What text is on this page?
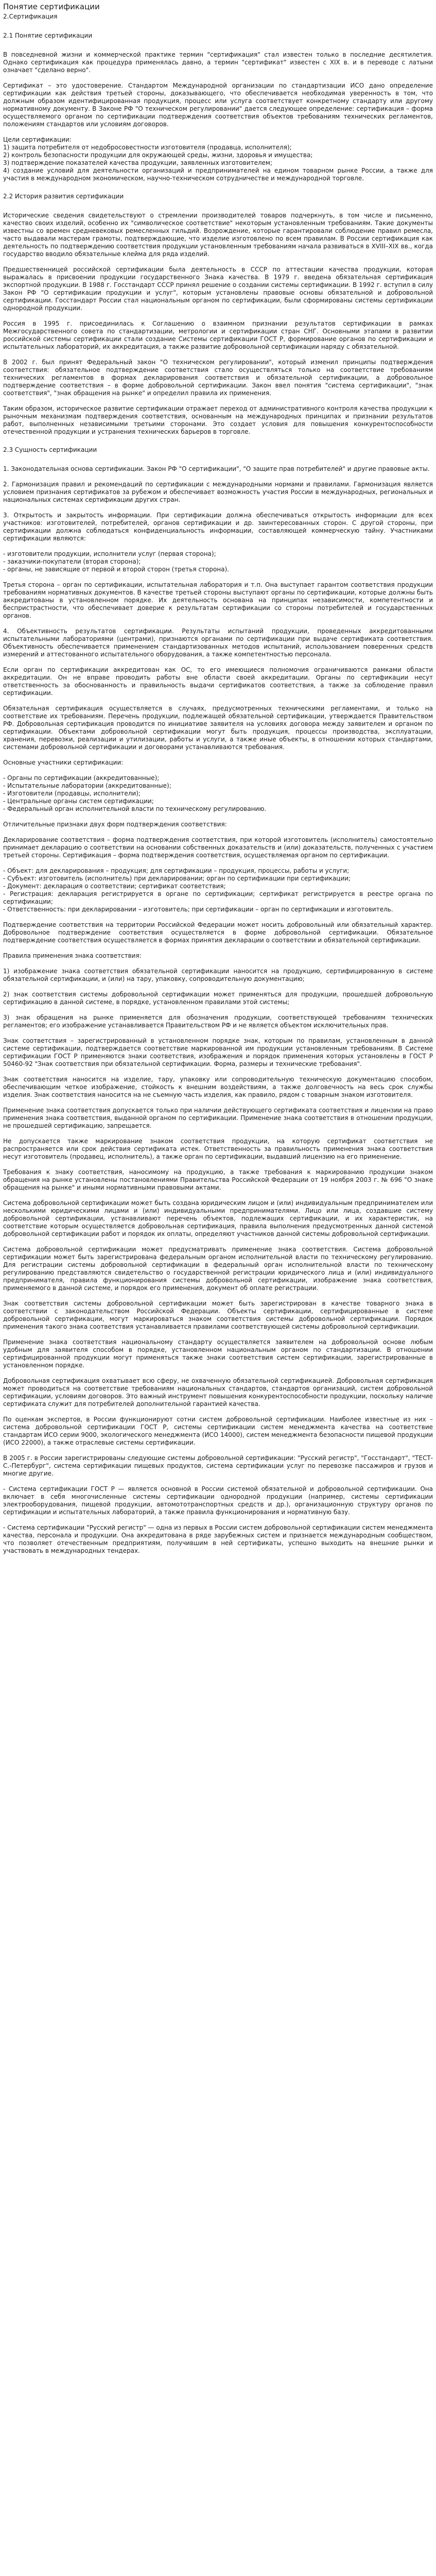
Понятие сертификации
2.Сертификация
2.1 Понятие сертификации

В повседневной жизни и коммерческой практике термин "сертификация" стал известен только в последние десятилетия. Однако сертификация как процедура применялась давно, а термин "сертификат" известен с XIX в. и в переводе с латыни означает "сделано верно".

Сертификат – это удостоверение. Стандартом Международной организации по стандартизации ИСО дано определение сертификации как действия третьей стороны, доказывающего, что обеспечивается необходимая уверенность в том, что должным образом идентифицированная продукция, процесс или услуга соответствует конкретному стандарту или другому нормативному документу. В Законе РФ "О техническом регулировании" дается следующее определение: сертификация – форма осуществляемого органом по сертификации подтверждения соответствия объектов требованиям технических регламентов, положениям стандартов или условиям договоров.

Цели сертификации:
1) защита потребителя от недобросовестности изготовителя (продавца, исполнителя);
2) контроль безопасности продукции для окружающей среды, жизни, здоровья и имущества;
3) подтверждение показателей качества продукции, заявленных изготовителем;
4) создание условий для деятельности организаций и предпринимателей на едином товарном рынке России, а также для участия в международном экономическом, научно-техническом сотрудничестве и международной торговле.
2.2 История развития сертификации

Исторические сведения свидетельствуют о стремлении производителей товаров подчеркнуть, в том числе и письменно, качество своих изделий, особенно их "символическое соответствие" некоторым установленным требованиям. Такие документы известны со времен средневековых ремесленных гильдий. Возрождение, которые гарантировали соблюдение правил ремесла, часто выдавали мастерам грамоты, подтверждающие, что изделие изготовлено по всем правилам. В России сертификация как деятельность по подтверждению соответствия продукции установленным требованиям начала развиваться в XVIII–XIX вв., когда государство вводило обязательные клейма для ряда изделий.

Предшественницей российской сертификации была деятельность в СССР по аттестации качества продукции, которая выражалась в присвоении продукции государственного Знака качества. В 1979 г. введена обязательная сертификация экспортной продукции. В 1988 г. Госстандарт СССР принял решение о создании системы сертификации. В 1992 г. вступил в силу Закон РФ "О сертификации продукции и услуг", которым установлены правовые основы обязательной и добровольной сертификации. Госстандарт России стал национальным органом по сертификации, были сформированы системы сертификации однородной продукции.

Россия в 1995 г. присоединилась к Соглашению о взаимном признании результатов сертификации в рамках Межгосударственного совета по стандартизации, метрологии и сертификации стран СНГ. Основными этапами в развитии российской системы сертификации стали создание Системы сертификации ГОСТ Р, формирование органов по сертификации и испытательных лабораторий, их аккредитация, а также развитие добровольной сертификации наряду с обязательной.

В 2002 г. был принят Федеральный закон "О техническом регулировании", который изменил принципы подтверждения соответствия: обязательное подтверждение соответствия стало осуществляться только на соответствие требованиям технических регламентов в формах декларирования соответствия и обязательной сертификации, а добровольное подтверждение соответствия – в форме добровольной сертификации. Закон ввел понятия "система сертификации", "знак соответствия", "знак обращения на рынке" и определил правила их применения.

Таким образом, историческое развитие сертификации отражает переход от административного контроля качества продукции к рыночным механизмам подтверждения соответствия, основанным на международных принципах и признании результатов работ, выполненных независимыми третьими сторонами. Это создает условия для повышения конкурентоспособности отечественной продукции и устранения технических барьеров в торговле.

2.3 Сущность сертификации

1. Законодательная основа сертификации. Закон РФ "О сертификации", "О защите прав потребителей" и другие правовые акты.

2. Гармонизация правил и рекомендаций по сертификации с международными нормами и правилами. Гармонизация является условием признания сертификатов за рубежом и обеспечивает возможность участия России в международных, региональных и национальных системах сертификации других стран.

3. Открытость и закрытость информации. При сертификации должна обеспечиваться открытость информации для всех участников: изготовителей, потребителей, органов сертификации и др. заинтересованных сторон. С другой стороны, при сертификации должна соблюдаться конфиденциальность информации, составляющей коммерческую тайну. Участниками сертификации являются:

- изготовители продукции, исполнители услуг (первая сторона);
- заказчики-покупатели (вторая сторона);
- органы, не зависящие от первой и второй сторон (третья сторона).

Третья сторона – орган по сертификации, испытательная лаборатория и т.п. Она выступает гарантом соответствия продукции требованиям нормативных документов. В качестве третьей стороны выступают органы по сертификации, которые должны быть аккредитованы в установленном порядке. Их деятельность основана на принципах независимости, компетентности и беспристрастности, что обеспечивает доверие к результатам сертификации со стороны потребителей и государственных органов.

4. Объективность результатов сертификации. Результаты испытаний продукции, проведенных аккредитованными испытательными лабораториями (центрами), признаются органами по сертификации при выдаче сертификата соответствия. Объективность обеспечивается применением стандартизованных методов испытаний, использованием поверенных средств измерений и аттестованного испытательного оборудования, а также компетентностью персонала.

Если орган по сертификации аккредитован как ОС, то его имеющиеся полномочия ограничиваются рамками области аккредитации. Он не вправе проводить работы вне области своей аккредитации. Органы по сертификации несут ответственность за обоснованность и правильность выдачи сертификатов соответствия, а также за соблюдение правил сертификации.

Обязательная сертификация осуществляется в случаях, предусмотренных техническими регламентами, и только на соответствие их требованиям. Перечень продукции, подлежащей обязательной сертификации, утверждается Правительством РФ. Добровольная сертификация проводится по инициативе заявителя на условиях договора между заявителем и органом по сертификации. Объектами добровольной сертификации могут быть продукция, процессы производства, эксплуатации, хранения, перевозки, реализации и утилизации, работы и услуги, а также иные объекты, в отношении которых стандартами, системами добровольной сертификации и договорами устанавливаются требования.

Основные участники сертификации:

- Органы по сертификации (аккредитованные);
- Испытательные лаборатории (аккредитованные);
- Изготовители (продавцы, исполнители);
- Центральные органы систем сертификации;
- Федеральный орган исполнительной власти по техническому регулированию.

Отличительные признаки двух форм подтверждения соответствия:

Декларирование соответствия – форма подтверждения соответствия, при которой изготовитель (исполнитель) самостоятельно принимает декларацию о соответствии на основании собственных доказательств и (или) доказательств, полученных с участием третьей стороны. Сертификация – форма подтверждения соответствия, осуществляемая органом по сертификации.

- Объект: для декларирования – продукция; для сертификации – продукция, процессы, работы и услуги;
- Субъект: изготовитель (исполнитель) при декларировании; орган по сертификации при сертификации;
- Документ: декларация о соответствии; сертификат соответствия;
- Регистрация: декларация регистрируется в органе по сертификации; сертификат регистрируется в реестре органа по сертификации;
- Ответственность: при декларировании – изготовитель; при сертификации – орган по сертификации и изготовитель.

Подтверждение соответствия на территории Российской Федерации может носить добровольный или обязательный характер. Добровольное подтверждение соответствия осуществляется в форме добровольной сертификации. Обязательное подтверждение соответствия осуществляется в формах принятия декларации о соответствии и обязательной сертификации.

Правила применения знака соответствия:

1) изображение знака соответствия обязательной сертификации наносится на продукцию, сертифицированную в системе обязательной сертификации, и (или) на тару, упаковку, сопроводительную документацию;

2) знак соответствия системы добровольной сертификации может применяться для продукции, прошедшей добровольную сертификацию в данной системе, в порядке, установленном правилами этой системы;

3) знак обращения на рынке применяется для обозначения продукции, соответствующей требованиям технических регламентов; его изображение устанавливается Правительством РФ и не является объектом исключительных прав.

Знак соответствия – зарегистрированный в установленном порядке знак, которым по правилам, установленным в данной системе сертификации, подтверждается соответствие маркированной им продукции установленным требованиям. В Системе сертификации ГОСТ Р применяются знаки соответствия, изображения и порядок применения которых установлены в ГОСТ Р 50460-92 "Знак соответствия при обязательной сертификации. Форма, размеры и технические требования".

Знак соответствия наносится на изделие, тару, упаковку или сопроводительную техническую документацию способом, обеспечивающим четкое изображение, стойкость к внешним воздействиям, а также долговечность на весь срок службы изделия. Знак соответствия наносится на не съемную часть изделия, как правило, рядом с товарным знаком изготовителя.

Применение знака соответствия допускается только при наличии действующего сертификата соответствия и лицензии на право применения знака соответствия, выданной органом по сертификации. Применение знака соответствия в отношении продукции, не прошедшей сертификацию, запрещается.

Не допускается также маркирование знаком соответствия продукции, на которую сертификат соответствия не распространяется или срок действия сертификата истек. Ответственность за правильность применения знака соответствия несут изготовитель (продавец, исполнитель), а также орган по сертификации, выдавший лицензию на его применение.

Требования к знаку соответствия, наносимому на продукцию, а также требования к маркированию продукции знаком обращения на рынке установлены постановлениями Правительства Российской Федерации от 19 ноября 2003 г. № 696 "О знаке обращения на рынке" и иными нормативными правовыми актами.

Система добровольной сертификации может быть создана юридическим лицом и (или) индивидуальным предпринимателем или несколькими юридическими лицами и (или) индивидуальными предпринимателями. Лицо или лица, создавшие систему добровольной сертификации, устанавливают перечень объектов, подлежащих сертификации, и их характеристик, на соответствие которым осуществляется добровольная сертификация, правила выполнения предусмотренных данной системой добровольной сертификации работ и порядок их оплаты, определяют участников данной системы добровольной сертификации.

Система добровольной сертификации может предусматривать применение знака соответствия. Система добровольной сертификации может быть зарегистрирована федеральным органом исполнительной власти по техническому регулированию. Для регистрации системы добровольной сертификации в федеральный орган исполнительной власти по техническому регулированию представляются свидетельство о государственной регистрации юридического лица и (или) индивидуального предпринимателя, правила функционирования системы добровольной сертификации, изображение знака соответствия, применяемого в данной системе, и порядок его применения, документ об оплате регистрации.

Знак соответствия системы добровольной сертификации может быть зарегистрирован в качестве товарного знака в соответствии с законодательством Российской Федерации. Объекты сертификации, сертифицированные в системе добровольной сертификации, могут маркироваться знаком соответствия системы добровольной сертификации. Порядок применения такого знака соответствия устанавливается правилами соответствующей системы добровольной сертификации.

Применение знака соответствия национальному стандарту осуществляется заявителем на добровольной основе любым удобным для заявителя способом в порядке, установленном национальным органом по стандартизации. В отношении сертифицированной продукции могут применяться также знаки соответствия систем сертификации, зарегистрированные в установленном порядке.

Добровольная сертификация охватывает всю сферу, не охваченную обязательной сертификацией. Добровольная сертификация может проводиться на соответствие требованиям национальных стандартов, стандартов организаций, систем добровольной сертификации, условиям договоров. Это важный инструмент повышения конкурентоспособности продукции, поскольку наличие сертификата служит для потребителей дополнительной гарантией качества.

По оценкам экспертов, в России функционируют сотни систем добровольной сертификации. Наиболее известные из них – система добровольной сертификации ГОСТ Р, системы сертификации систем менеджмента качества на соответствие стандартам ИСО серии 9000, экологического менеджмента (ИСО 14000), систем менеджмента безопасности пищевой продукции (ИСО 22000), а также отраслевые системы сертификации.

В 2005 г. в России зарегистрированы следующие системы добровольной сертификации: "Русский регистр", "Госстандарт", "ТЕСТ-С.-Петербург", система сертификации пищевых продуктов, система сертификации услуг по перевозке пассажиров и грузов и многие другие.

- Система сертификации ГОСТ Р — является основной в России системой обязательной и добровольной сертификации. Она включает в себя многочисленные системы сертификации однородной продукции (например, системы сертификации электрооборудования, пищевой продукции, автомототранспортных средств и др.), организационную структуру органов по сертификации и испытательных лабораторий, а также правила функционирования и нормативную базу.

- Система сертификации "Русский регистр" — одна из первых в России систем добровольной сертификации систем менеджмента качества, персонала и продукции. Она аккредитована в ряде зарубежных систем и признается международным сообществом, что позволяет отечественным предприятиям, получившим в ней сертификаты, успешно выходить на внешние рынки и участвовать в международных тендерах.
